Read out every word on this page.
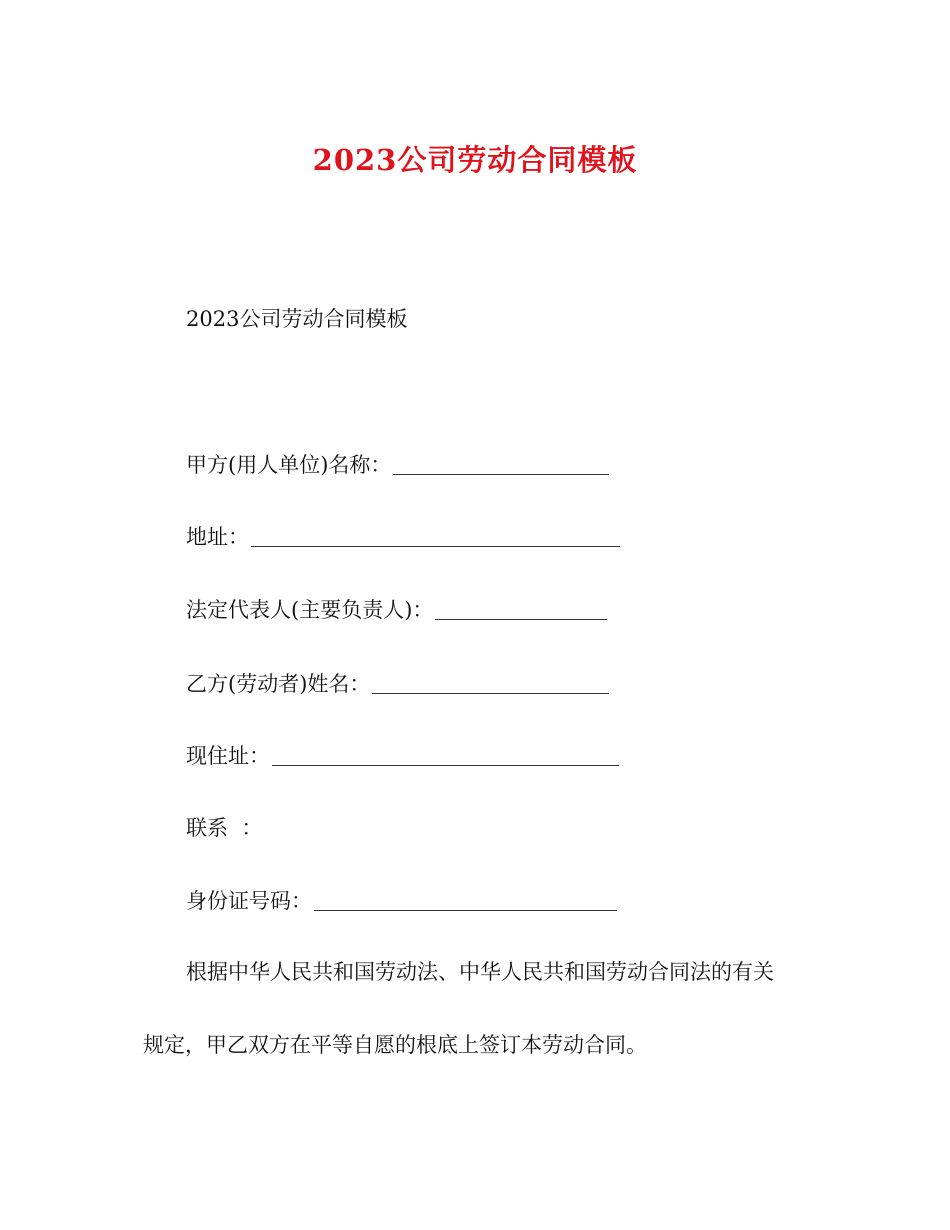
2023公司劳动合同模板
2023公司劳动合同模板
甲方(用人单位)名称：
地址：
法定代表人(主要负责人)：
乙方(劳动者)姓名：
现住址：
联系  ：
身份证号码：
根据中华人民共和国劳动法、中华人民共和国劳动合同法的有关
规定，甲乙双方在平等自愿的根底上签订本劳动合同。
